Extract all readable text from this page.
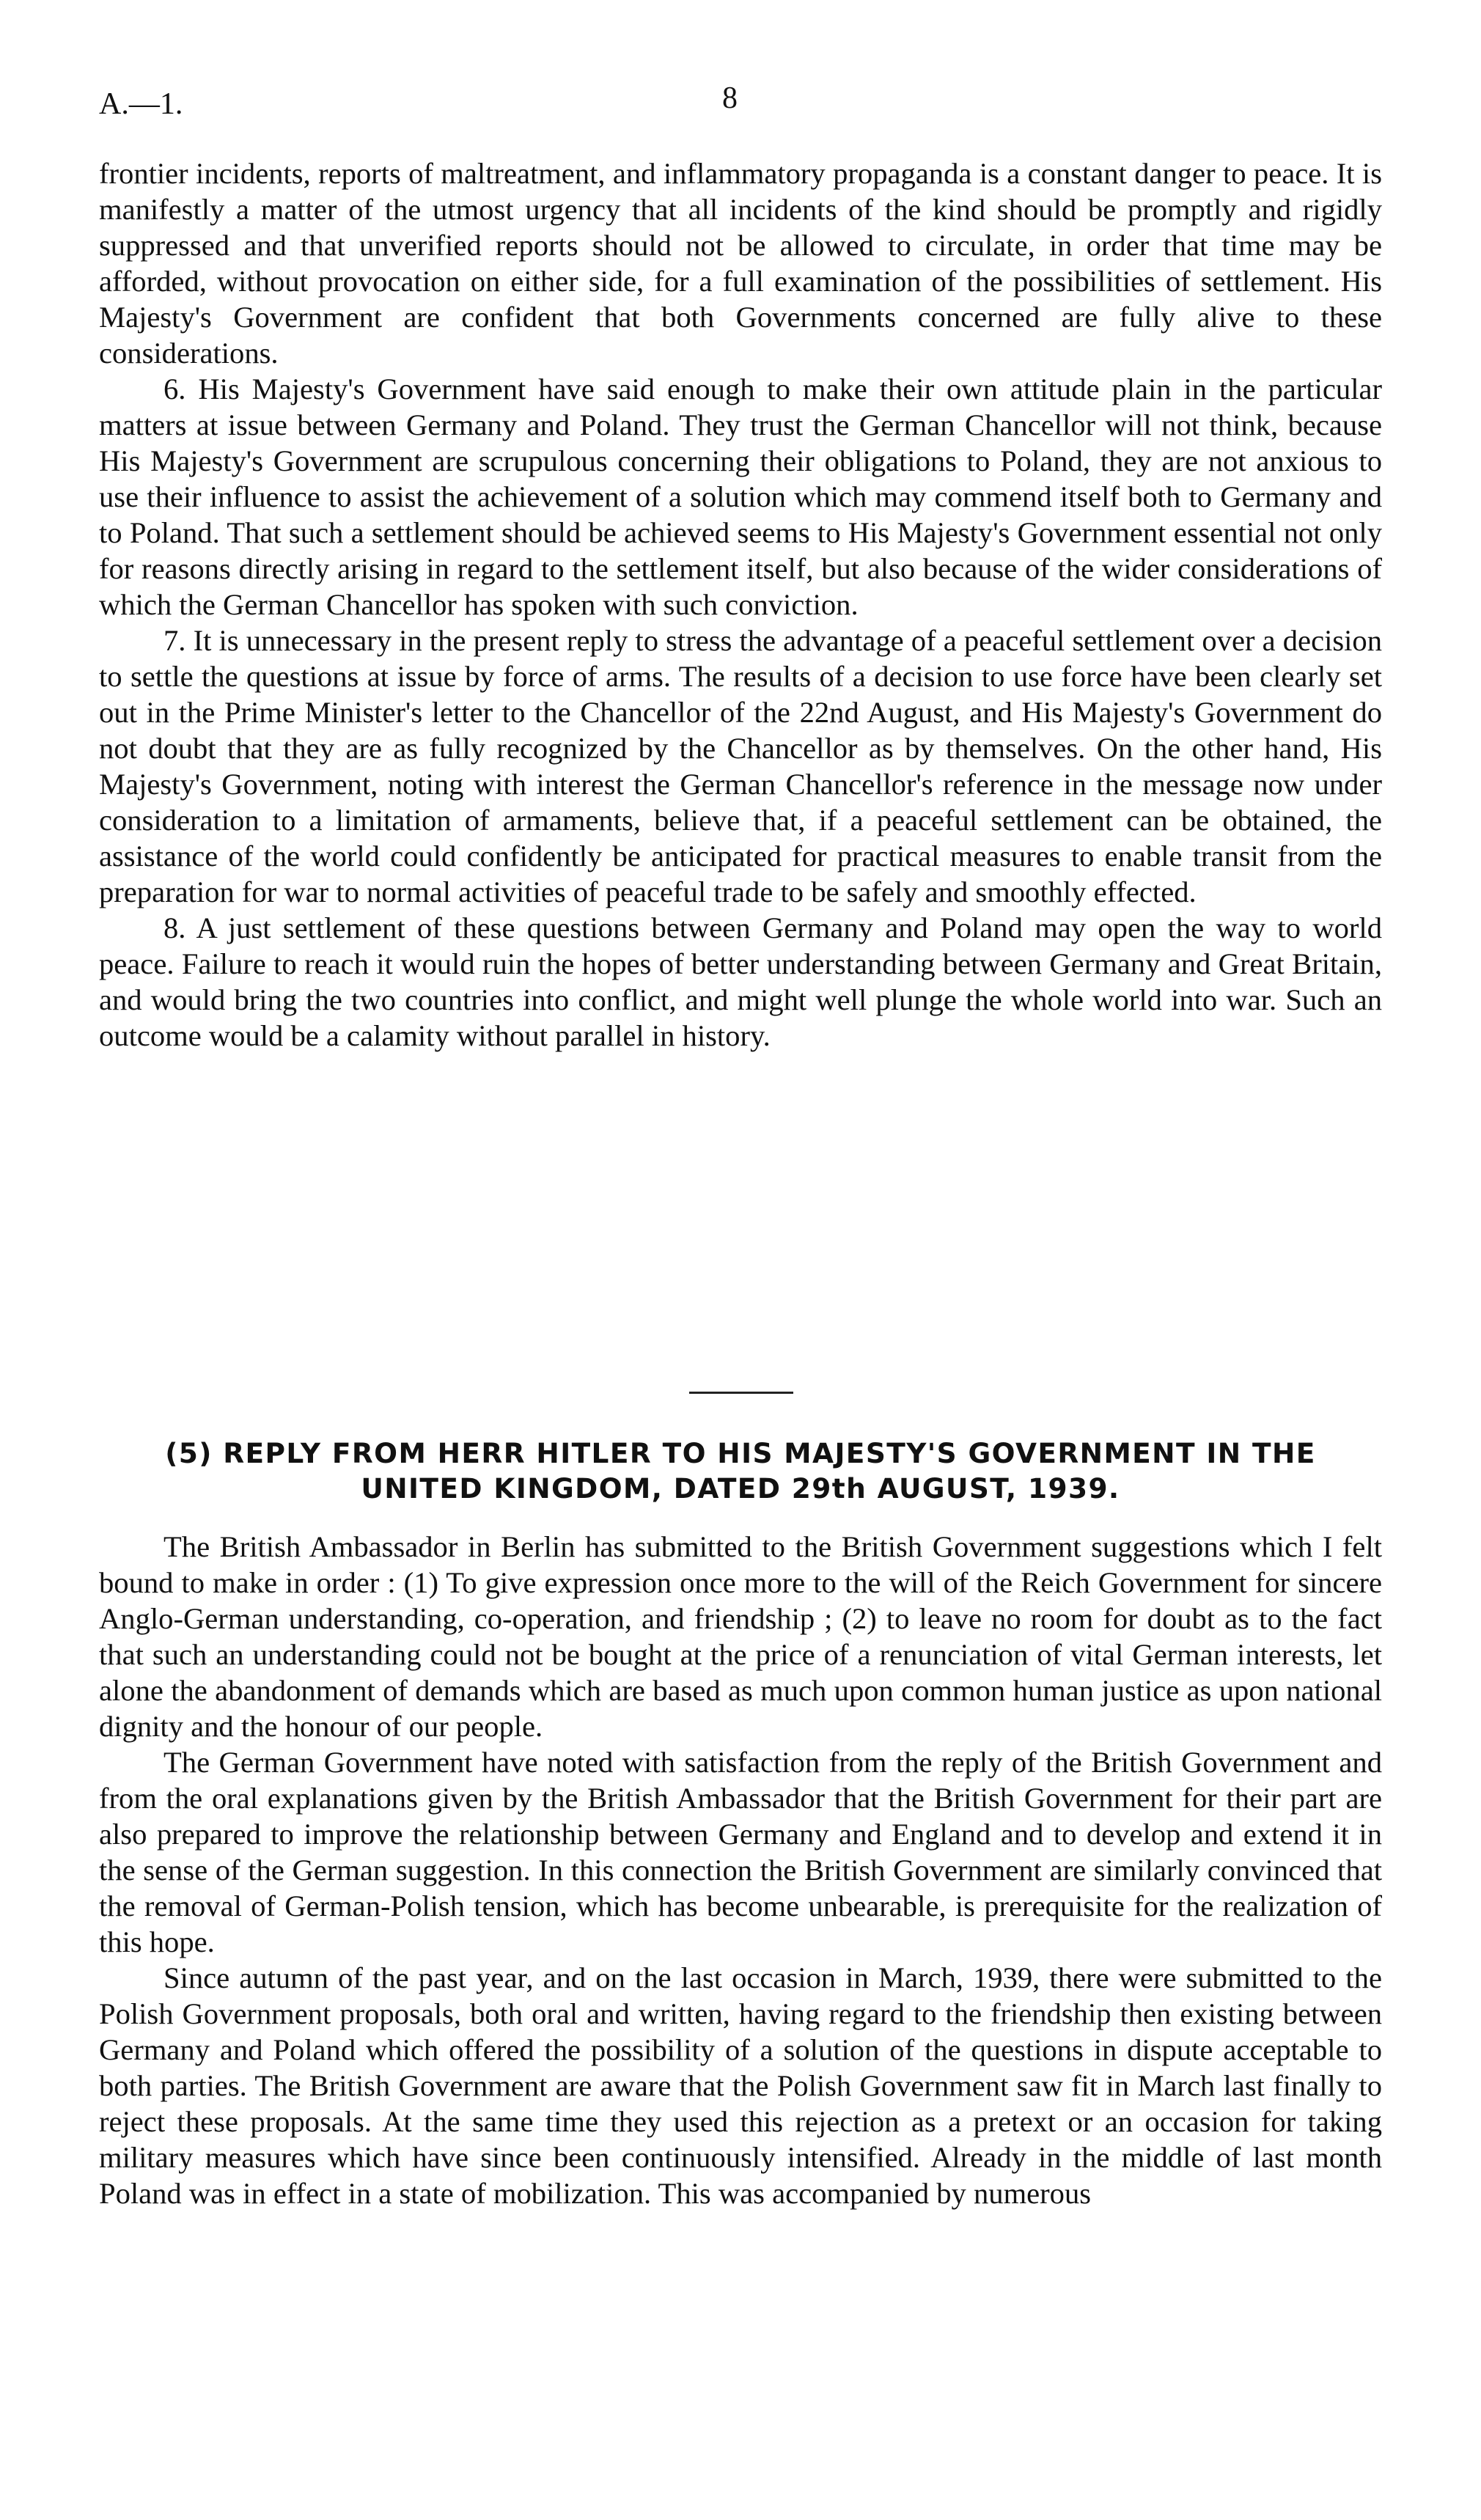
A.—1.	8

frontier incidents, reports of maltreatment, and inflammatory propaganda is a constant danger to peace. It is manifestly a matter of the utmost urgency that all incidents of the kind should be promptly and rigidly suppressed and that unverified reports should not be allowed to circulate, in order that time may be afforded, without provocation on either side, for a full examination of the possibilities of settlement. His Majesty's Government are confident that both Governments concerned are fully alive to these considerations.

6. His Majesty's Government have said enough to make their own attitude plain in the particular matters at issue between Germany and Poland. They trust the German Chancellor will not think, because His Majesty's Government are scrupulous concerning their obligations to Poland, they are not anxious to use their influence to assist the achievement of a solution which may commend itself both to Germany and to Poland. That such a settlement should be achieved seems to His Majesty's Government essential not only for reasons directly arising in regard to the settlement itself, but also because of the wider considerations of which the German Chancellor has spoken with such conviction.

7. It is unnecessary in the present reply to stress the advantage of a peaceful settlement over a decision to settle the questions at issue by force of arms. The results of a decision to use force have been clearly set out in the Prime Minister's letter to the Chancellor of the 22nd August, and His Majesty's Government do not doubt that they are as fully recognized by the Chancellor as by themselves. On the other hand, His Majesty's Government, noting with interest the German Chancellor's reference in the message now under consideration to a limitation of armaments, believe that, if a peaceful settlement can be obtained, the assistance of the world could confidently be anticipated for practical measures to enable transit from the preparation for war to normal activities of peaceful trade to be safely and smoothly effected.

8. A just settlement of these questions between Germany and Poland may open the way to world peace. Failure to reach it would ruin the hopes of better understanding between Germany and Great Britain, and would bring the two countries into conflict, and might well plunge the whole world into war. Such an outcome would be a calamity without parallel in history.

(5) REPLY FROM HERR HITLER TO HIS MAJESTY'S GOVERNMENT IN THE UNITED KINGDOM, DATED 29th AUGUST, 1939.

The British Ambassador in Berlin has submitted to the British Government suggestions which I felt bound to make in order : (1) To give expression once more to the will of the Reich Government for sincere Anglo-German understanding, co-operation, and friendship ; (2) to leave no room for doubt as to the fact that such an understanding could not be bought at the price of a renunciation of vital German interests, let alone the abandonment of demands which are based as much upon common human justice as upon national dignity and the honour of our people.

The German Government have noted with satisfaction from the reply of the British Government and from the oral explanations given by the British Ambassador that the British Government for their part are also prepared to improve the relationship between Germany and England and to develop and extend it in the sense of the German suggestion. In this connection the British Government are similarly convinced that the removal of German-Polish tension, which has become unbearable, is prerequisite for the realization of this hope.

Since autumn of the past year, and on the last occasion in March, 1939, there were submitted to the Polish Government proposals, both oral and written, having regard to the friendship then existing between Germany and Poland which offered the possibility of a solution of the questions in dispute acceptable to both parties. The British Government are aware that the Polish Government saw fit in March last finally to reject these proposals. At the same time they used this rejection as a pretext or an occasion for taking military measures which have since been continuously intensified. Already in the middle of last month Poland was in effect in a state of mobilization. This was accompanied by numerous
